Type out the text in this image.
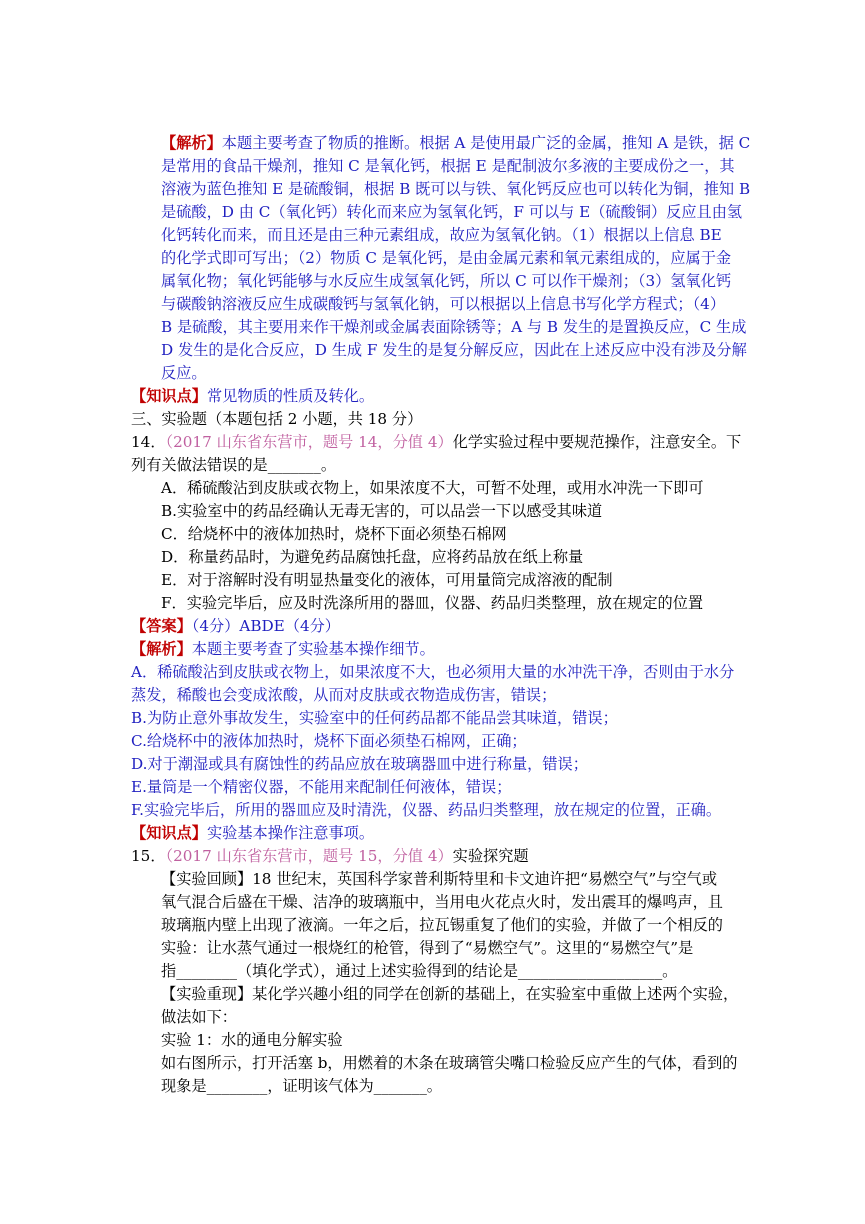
【解析】本题主要考查了物质的推断。根据 A 是使用最广泛的金属，推知 A 是铁，据 C
是常用的食品干燥剂，推知 C 是氧化钙，根据 E 是配制波尔多液的主要成份之一，其
溶液为蓝色推知 E 是硫酸铜，根据 B 既可以与铁、氧化钙反应也可以转化为铜，推知 B
是硫酸，D 由 C（氧化钙）转化而来应为氢氧化钙，F 可以与 E（硫酸铜）反应且由氢
化钙转化而来，而且还是由三种元素组成，故应为氢氧化钠。（1）根据以上信息 BE
的化学式即可写出；（2）物质 C 是氧化钙，是由金属元素和氧元素组成的，应属于金
属氧化物；氧化钙能够与水反应生成氢氧化钙，所以 C 可以作干燥剂；（3）氢氧化钙
与碳酸钠溶液反应生成碳酸钙与氢氧化钠，可以根据以上信息书写化学方程式；（4）
B 是硫酸，其主要用来作干燥剂或金属表面除锈等；A 与 B 发生的是置换反应，C 生成
D 发生的是化合反应，D 生成 F 发生的是复分解反应，因此在上述反应中没有涉及分解
反应。
【知识点】常见物质的性质及转化。
三、实验题（本题包括 2 小题，共 18 分）
14．（2017 山东省东营市，题号 14，分值 4）化学实验过程中要规范操作，注意安全。下
列有关做法错误的是_______。
A．稀硫酸沾到皮肤或衣物上，如果浓度不大，可暂不处理，或用水冲洗一下即可
B.实验室中的药品经确认无毒无害的，可以品尝一下以感受其味道
C．给烧杯中的液体加热时，烧杯下面必须垫石棉网
D．称量药品时，为避免药品腐蚀托盘，应将药品放在纸上称量
E．对于溶解时没有明显热量变化的液体，可用量筒完成溶液的配制
F．实验完毕后，应及时洗涤所用的器皿，仪器、药品归类整理，放在规定的位置
【答案】（4分）ABDE（4分）
【解析】本题主要考查了实验基本操作细节。
A．稀硫酸沾到皮肤或衣物上，如果浓度不大，也必须用大量的水冲洗干净，否则由于水分
蒸发，稀酸也会变成浓酸，从而对皮肤或衣物造成伤害，错误；
B.为防止意外事故发生，实验室中的任何药品都不能品尝其味道，错误；
C.给烧杯中的液体加热时，烧杯下面必须垫石棉网，正确；
D.对于潮湿或具有腐蚀性的药品应放在玻璃器皿中进行称量，错误；
E.量筒是一个精密仪器，不能用来配制任何液体，错误；
F.实验完毕后，所用的器皿应及时清洗，仪器、药品归类整理，放在规定的位置，正确。
【知识点】实验基本操作注意事项。
15．（2017 山东省东营市，题号 15，分值 4）实验探究题
【实验回顾】18 世纪末，英国科学家普利斯特里和卡文迪许把“易燃空气”与空气或
氧气混合后盛在干燥、洁净的玻璃瓶中，当用电火花点火时，发出震耳的爆鸣声，且
玻璃瓶内壁上出现了液滴。一年之后，拉瓦锡重复了他们的实验，并做了一个相反的
实验：让水蒸气通过一根烧红的枪管，得到了“易燃空气”。这里的“易燃空气”是
指________（填化学式），通过上述实验得到的结论是___________________。
【实验重现】某化学兴趣小组的同学在创新的基础上，在实验室中重做上述两个实验，
做法如下：
实验 1：水的通电分解实验
如右图所示，打开活塞 b，用燃着的木条在玻璃管尖嘴口检验反应产生的气体，看到的
现象是________，证明该气体为_______。
